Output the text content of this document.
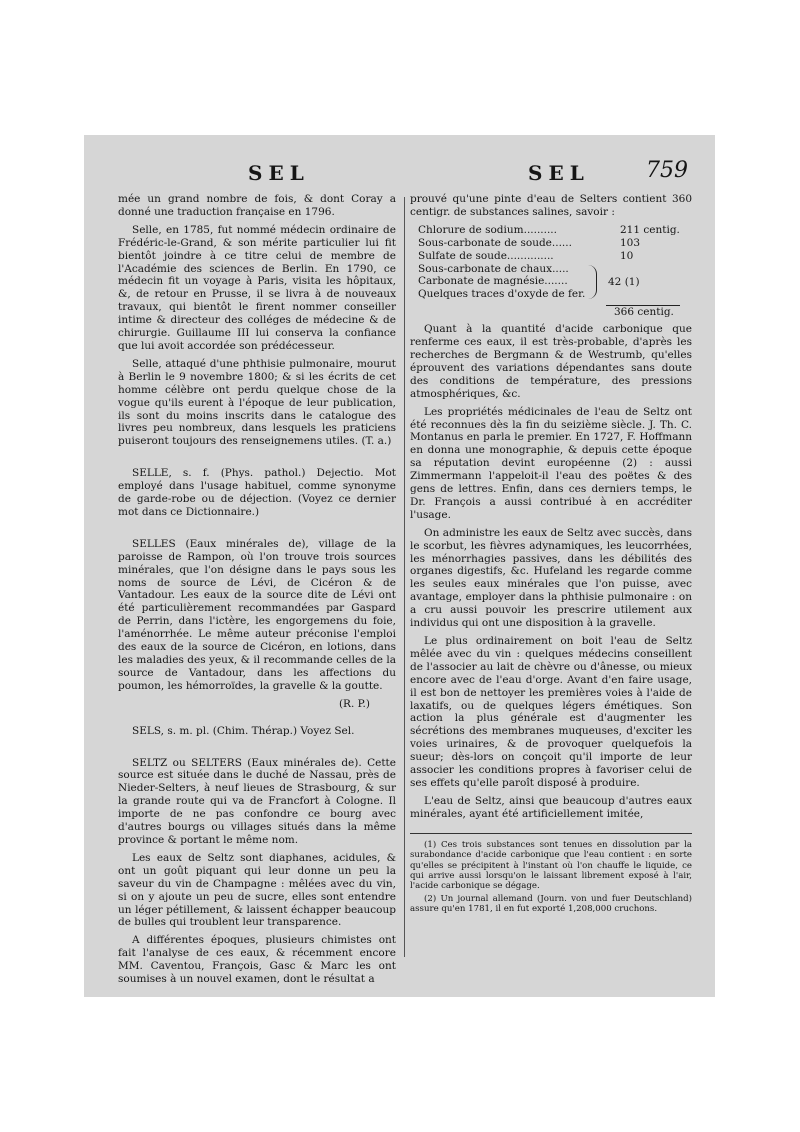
SEL	SEL	759

mée un grand nombre de fois, & dont Coray a donné une traduction française en 1796.

Selle, en 1785, fut nommé médecin ordinaire de Frédéric-le-Grand, & son mérite particulier lui fit bientôt joindre à ce titre celui de membre de l'Académie des sciences de Berlin. En 1790, ce médecin fit un voyage à Paris, visita les hôpitaux, &, de retour en Prusse, il se livra à de nouveaux travaux, qui bientôt le firent nommer conseiller intime & directeur des colléges de médecine & de chirurgie. Guillaume III lui conserva la confiance que lui avoit accordée son prédécesseur.

Selle, attaqué d'une phthisie pulmonaire, mourut à Berlin le 9 novembre 1800; & si les écrits de cet homme célèbre ont perdu quelque chose de la vogue qu'ils eurent à l'époque de leur publication, ils sont du moins inscrits dans le catalogue des livres peu nombreux, dans lesquels les praticiens puiseront toujours des renseignemens utiles. (T. a.)

SELLE, s. f. (Phys. pathol.) Dejectio. Mot employé dans l'usage habituel, comme synonyme de garde-robe ou de déjection. (Voyez ce dernier mot dans ce Dictionnaire.)

SELLES (Eaux minérales de), village de la paroisse de Rampon, où l'on trouve trois sources minérales, que l'on désigne dans le pays sous les noms de source de Lévi, de Cicéron & de Vantadour. Les eaux de la source dite de Lévi ont été particulièrement recommandées par Gaspard de Perrin, dans l'ictère, les engorgemens du foie, l'aménorrhée. Le même auteur préconise l'emploi des eaux de la source de Cicéron, en lotions, dans les maladies des yeux, & il recommande celles de la source de Vantadour, dans les affections du poumon, les hémorroïdes, la gravelle & la goutte.

(R. P.)

SELS, s. m. pl. (Chim. Thérap.) Voyez Sel.

SELTZ ou SELTERS (Eaux minérales de). Cette source est située dans le duché de Nassau, près de Nieder-Selters, à neuf lieues de Strasbourg, & sur la grande route qui va de Francfort à Cologne. Il importe de ne pas confondre ce bourg avec d'autres bourgs ou villages situés dans la même province & portant le même nom.

Les eaux de Seltz sont diaphanes, acidules, & ont un goût piquant qui leur donne un peu la saveur du vin de Champagne : mêlées avec du vin, si on y ajoute un peu de sucre, elles sont entendre un léger pétillement, & laissent échapper beaucoup de bulles qui troublent leur transparence.

A différentes époques, plusieurs chimistes ont fait l'analyse de ces eaux, & récemment encore MM. Caventou, François, Gasc & Marc les ont soumises à un nouvel examen, dont le résultat a

prouvé qu'une pinte d'eau de Selters contient 360 centigr. de substances salines, savoir :

Chlorure de sodium..........	211 centig.
Sous-carbonate de soude......	103
Sulfate de soude..............	10
Sous-carbonate de chaux.....
Carbonate de magnésie.......
Quelques traces d'oxyde de fer.
42 (1)
366 centig.

Quant à la quantité d'acide carbonique que renferme ces eaux, il est très-probable, d'après les recherches de Bergmann & de Westrumb, qu'elles éprouvent des variations dépendantes sans doute des conditions de température, des pressions atmosphériques, &c.

Les propriétés médicinales de l'eau de Seltz ont été reconnues dès la fin du seizième siècle. J. Th. C. Montanus en parla le premier. En 1727, F. Hoffmann en donna une monographie, & depuis cette époque sa réputation devint européenne (2) : aussi Zimmermann l'appeloit-il l'eau des poëtes & des gens de lettres. Enfin, dans ces derniers temps, le Dr. François a aussi contribué à en accréditer l'usage.

On administre les eaux de Seltz avec succès, dans le scorbut, les fièvres adynamiques, les leucorrhées, les ménorrhagies passives, dans les débilités des organes digestifs, &c. Hufeland les regarde comme les seules eaux minérales que l'on puisse, avec avantage, employer dans la phthisie pulmonaire : on a cru aussi pouvoir les prescrire utilement aux individus qui ont une disposition à la gravelle.

Le plus ordinairement on boit l'eau de Seltz mêlée avec du vin : quelques médecins conseillent de l'associer au lait de chèvre ou d'ânesse, ou mieux encore avec de l'eau d'orge. Avant d'en faire usage, il est bon de nettoyer les premières voies à l'aide de laxatifs, ou de quelques légers émétiques. Son action la plus générale est d'augmenter les sécrétions des membranes muqueuses, d'exciter les voies urinaires, & de provoquer quelquefois la sueur; dès-lors on conçoit qu'il importe de leur associer les conditions propres à favoriser celui de ses effets qu'elle paroît disposé à produire.

L'eau de Seltz, ainsi que beaucoup d'autres eaux minérales, ayant été artificiellement imitée,

(1) Ces trois substances sont tenues en dissolution par la surabondance d'acide carbonique que l'eau contient : en sorte qu'elles se précipitent à l'instant où l'on chauffe le liquide, ce qui arrive aussi lorsqu'on le laissant librement exposé à l'air, l'acide carbonique se dégage.
(2) Un journal allemand (Journ. von und fuer Deutschland) assure qu'en 1781, il en fut exporté 1,208,000 cruchons.
